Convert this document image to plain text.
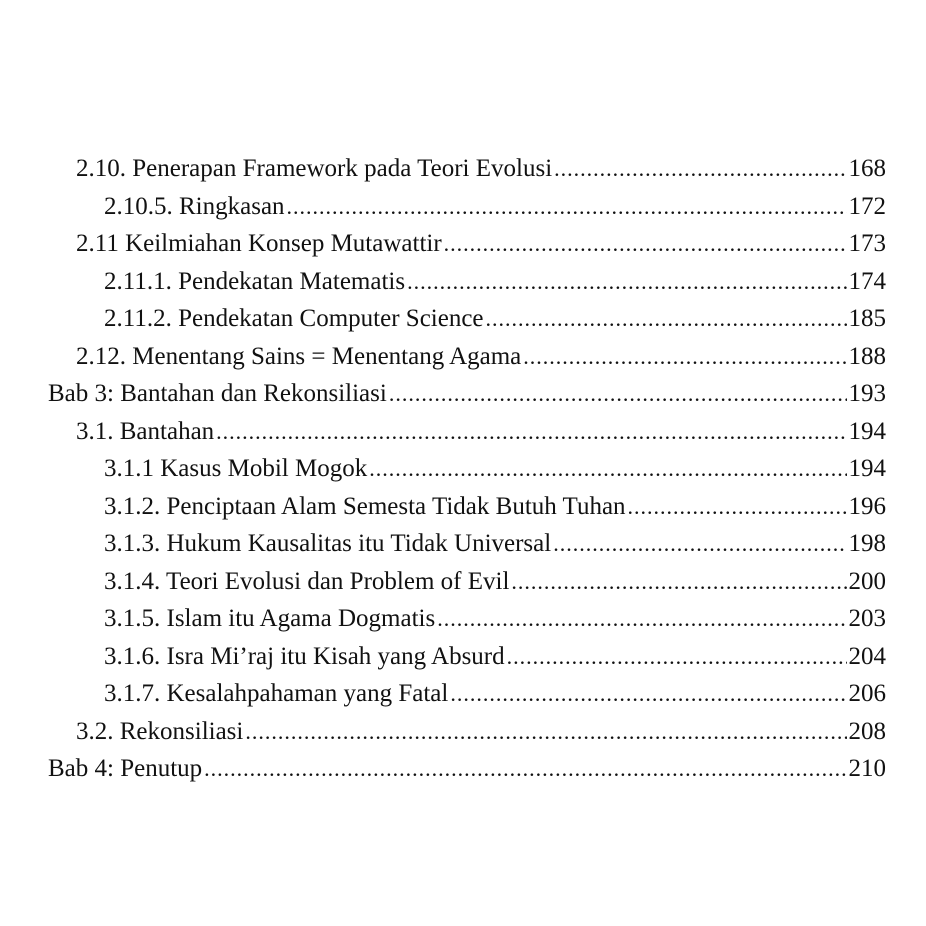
2.10. Penerapan Framework pada Teori Evolusi .....	168
2.10.5. Ringkasan .....	172
2.11 Keilmiahan Konsep Mutawattir .....	173
2.11.1. Pendekatan Matematis .....	174
2.11.2. Pendekatan Computer Science .....	185
2.12. Menentang Sains = Menentang Agama .....	188
Bab 3: Bantahan dan Rekonsiliasi .....	193
3.1. Bantahan .....	194
3.1.1 Kasus Mobil Mogok .....	194
3.1.2. Penciptaan Alam Semesta Tidak Butuh Tuhan .....	196
3.1.3. Hukum Kausalitas itu Tidak Universal .....	198
3.1.4. Teori Evolusi dan Problem of Evil .....	200
3.1.5. Islam itu Agama Dogmatis .....	203
3.1.6. Isra Mi’raj itu Kisah yang Absurd .....	204
3.1.7. Kesalahpahaman yang Fatal .....	206
3.2. Rekonsiliasi .....	208
Bab 4: Penutup .....	210
